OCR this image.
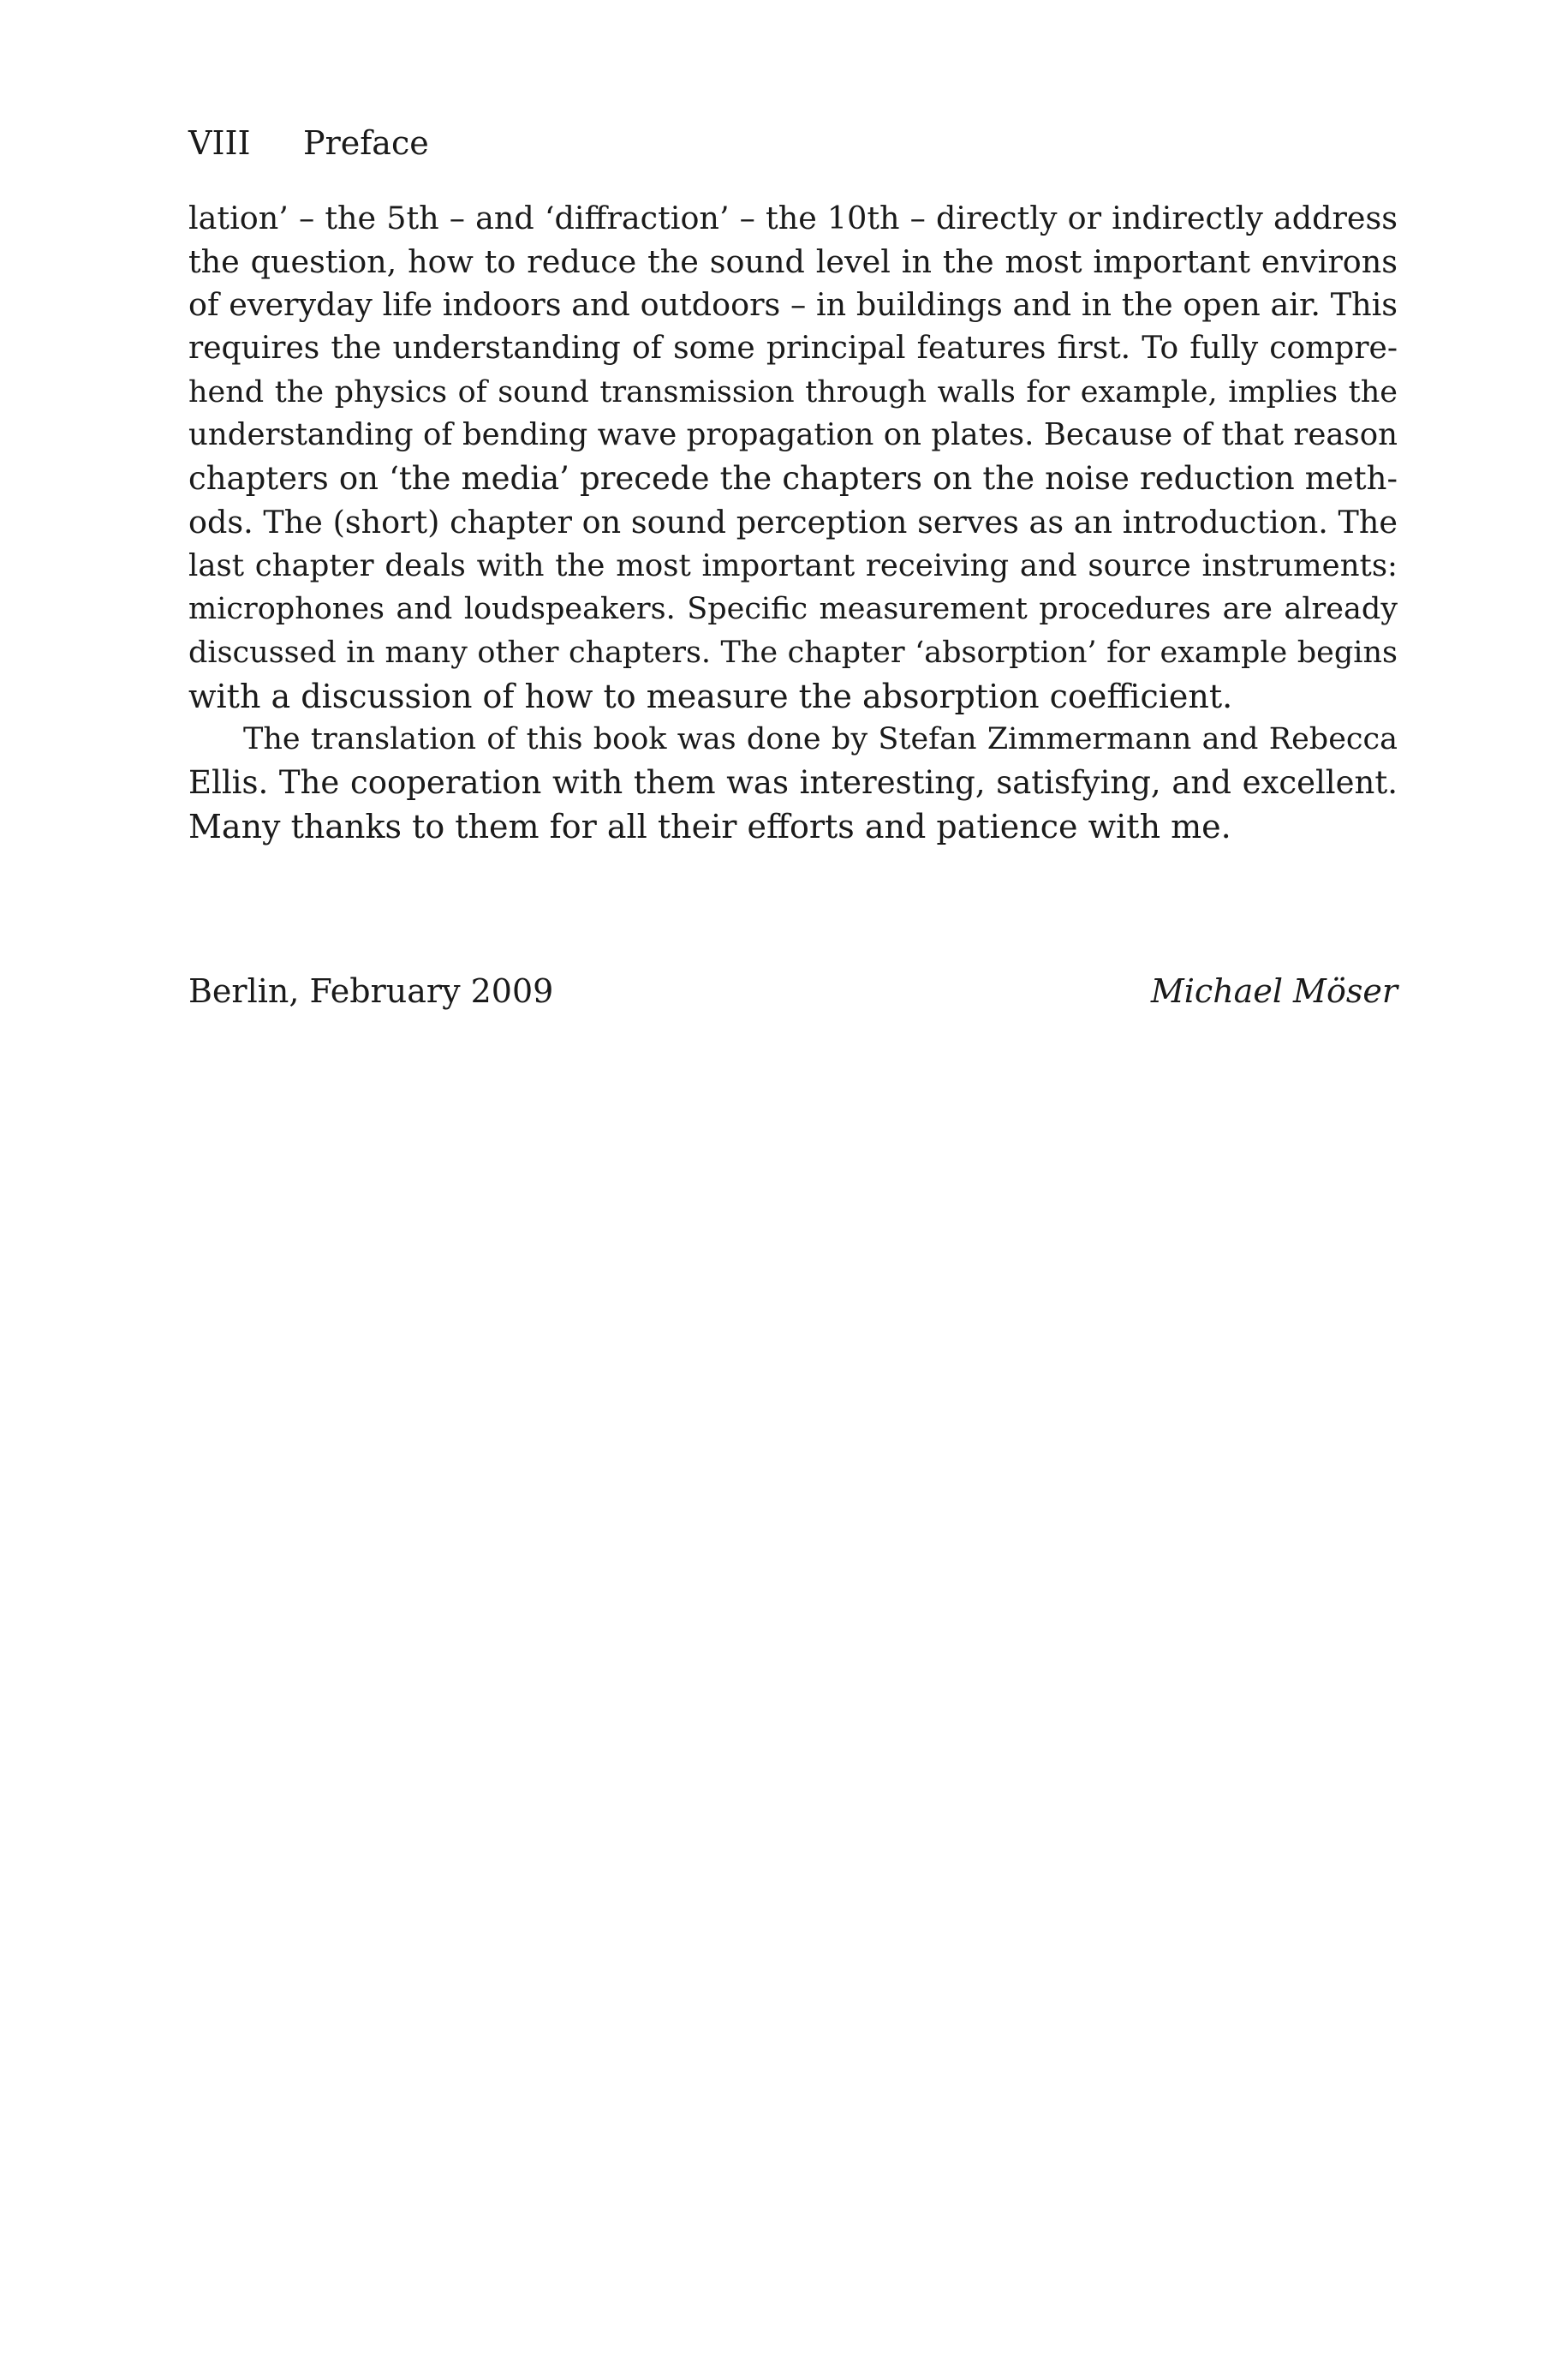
VIII Preface
lation’ – the 5th – and ‘diffraction’ – the 10th – directly or indirectly address
the question, how to reduce the sound level in the most important environs
of everyday life indoors and outdoors – in buildings and in the open air. This
requires the understanding of some principal features first. To fully compre-
hend the physics of sound transmission through walls for example, implies the
understanding of bending wave propagation on plates. Because of that reason
chapters on ‘the media’ precede the chapters on the noise reduction meth-
ods. The (short) chapter on sound perception serves as an introduction. The
last chapter deals with the most important receiving and source instruments:
microphones and loudspeakers. Specific measurement procedures are already
discussed in many other chapters. The chapter ‘absorption’ for example begins
with a discussion of how to measure the absorption coefficient.
The translation of this book was done by Stefan Zimmermann and Rebecca
Ellis. The cooperation with them was interesting, satisfying, and excellent.
Many thanks to them for all their efforts and patience with me.
Berlin, February 2009	Michael Möser
